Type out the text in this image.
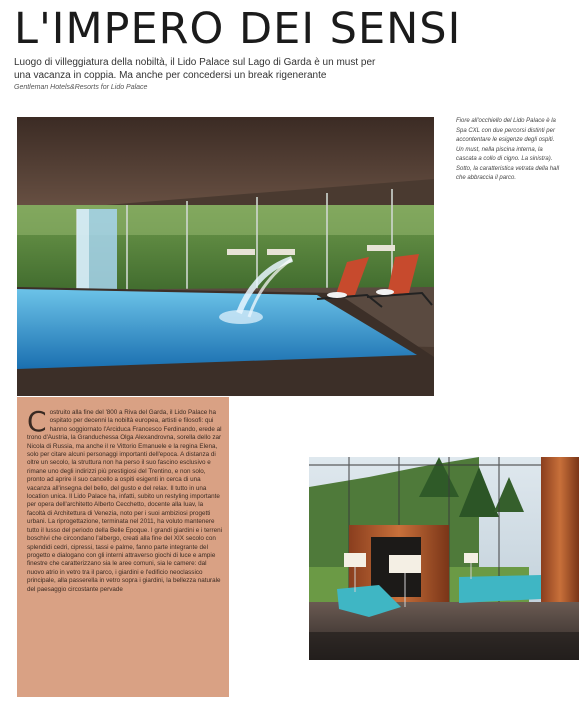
L'IMPERO DEI SENSI

Luogo di villeggiatura della nobiltà, il Lido Palace sul Lago di Garda è un must per una vacanza in coppia. Ma anche per concedersi un break rigenerante

Gentleman Hotels&Resorts for Lido Palace

Fiore all'occhiello del Lido Palace è la Spa CXL con due percorsi distinti per accontentare le esigenze degli ospiti. Un must, nella piscina interna, la cascata a collo di cigno. La sinistra). Sotto, la caratteristica vetrata della hall che abbraccia il parco.

Costruito alla fine del '800 a Riva del Garda, il Lido Palace ha ospitato per decenni la nobiltà europea, artisti e filosofi: qui hanno soggiornato l'Arciduca Francesco Ferdinando, erede al trono d'Austria, la Granduchessa Olga Alexandrovna, sorella dello zar Nicola di Russia, ma anche il re Vittorio Emanuele e la regina Elena, solo per citare alcuni personaggi importanti dell'epoca. A distanza di oltre un secolo, la struttura non ha perso il suo fascino esclusivo e rimane uno degli indirizzi più prestigiosi del Trentino, e non solo, pronto ad aprire il suo cancello a ospiti esigenti in cerca di una vacanza all'insegna del bello, del gusto e del relax. Il tutto in una location unica. Il Lido Palace ha, infatti, subito un restyling importante per opera dell'architetto Alberto Cecchetto, docente alla Iuav, la facoltà di Architettura di Venezia, noto per i suoi ambiziosi progetti urbani. La riprogettazione, terminata nel 2011, ha voluto mantenere tutto il lusso del periodo della Belle Epoque. I grandi giardini e i terreni boschivi che circondano l'albergo, creati alla fine del XIX secolo con splendidi cedri, cipressi, tassi e palme, fanno parte integrante del progetto e dialogano con gli interni attraverso giochi di luce e ampie finestre che caratterizzano sia le aree comuni, sia le camere: dal nuovo atrio in vetro tra il parco, i giardini e l'edificio neoclassico principale, alla passerella in vetro sopra i giardini, la bellezza naturale del paesaggio circostante pervade
